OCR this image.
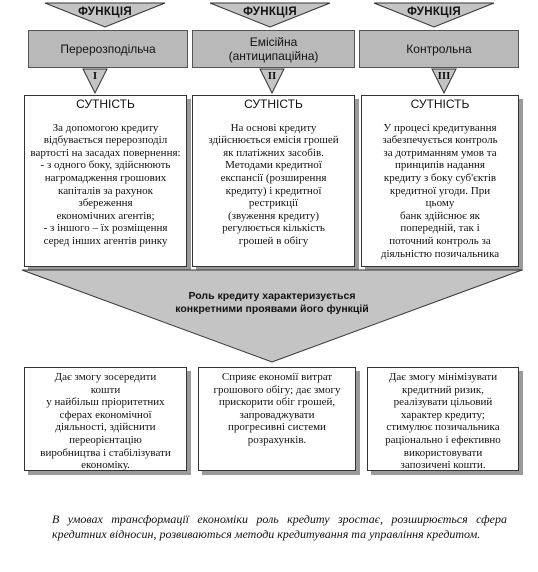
ФУНКЦІЯ	ФУНКЦІЯ	ФУНКЦІЯ
Перерозподільча	Емісійна
(антиципаційна)	Контрольна
І	ІІ	ІІІ
СУТНІСТЬ
За допомогою кредиту
відбувається перерозподіл
вартості на засадах повернення:
- з одного боку, здійснюють
нагромадження грошових
капіталів за рахунок збереження
економічних агентів;
- з іншого – їх розміщення
серед інших агентів ринку
СУТНІСТЬ
На основі кредиту
здійснюється емісія грошей
як платіжних засобів.
Методами кредитної
експансії (розширення
кредиту) і кредитної
рестрикції
(звуження кредиту)
регулюється кількість
грошей в обігу
СУТНІСТЬ
У процесі кредитування
забезпечується контроль
за дотриманням умов та
принципів надання
кредиту з боку суб'єктів
кредитної угоди. При
цьому
банк здійснює як
попередній, так і
поточний контроль за
діяльністю позичальника
Роль кредиту характеризується
конкретними проявами його функцій
Дає змогу зосередити
кошти
у найбільш пріоритетних
сферах економічної
діяльності, здійснити
переорієнтацію
виробництва і стабілізувати
економіку.
Сприяє економії витрат
грошового обігу; дає змогу
прискорити обіг грошей,
запроваджувати
прогресивні системи
розрахунків.
Дає змогу мінімізувати
кредитний ризик,
реалізувати цільовий
характер кредиту;
стимулює позичальника
раціонально і ефективно
використовувати
запозичені кошти.
В умовах трансформації економіки роль кредиту зростає, розширюється сфера кредитних відносин, розвиваються методи кредитування та управління кредитом.
